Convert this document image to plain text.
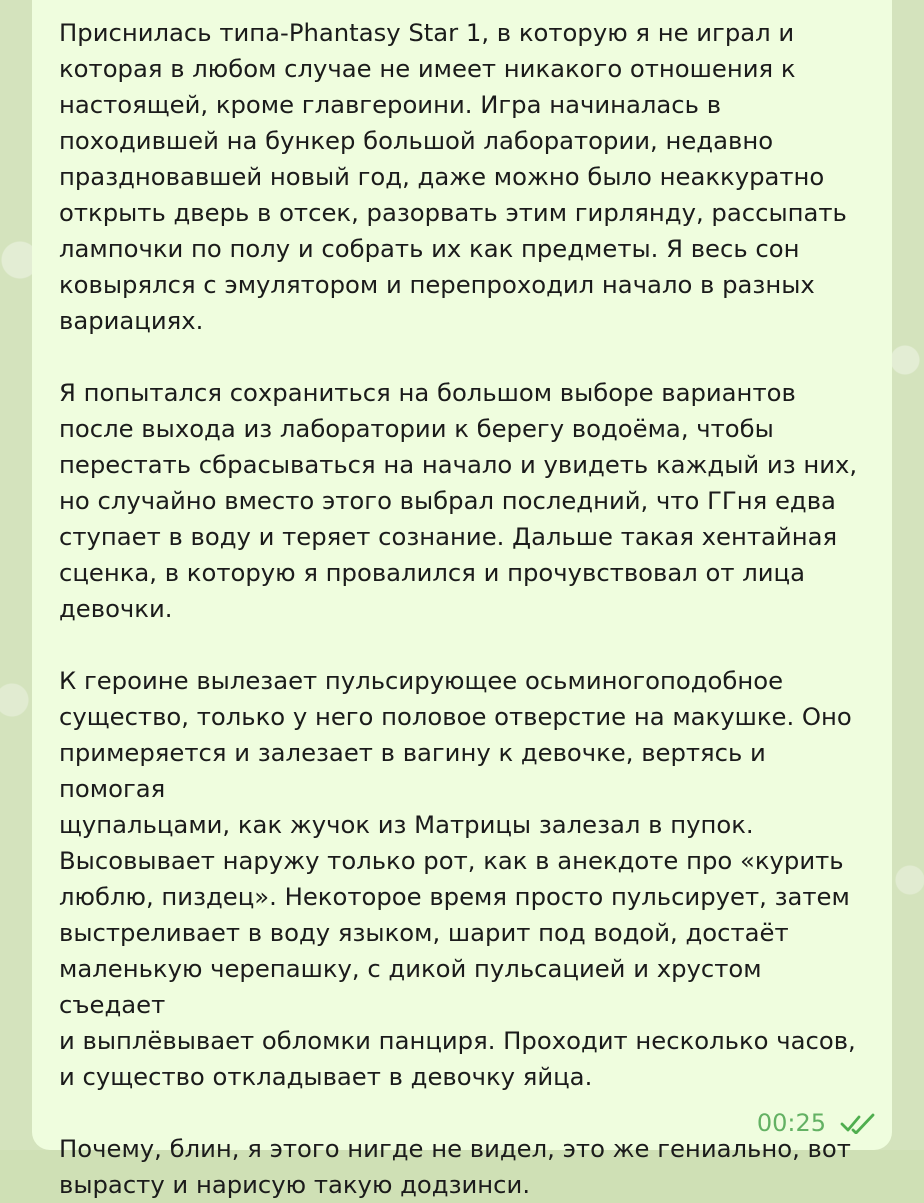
Приснилась типа-Phantasy Star 1, в которую я не играл и
которая в любом случае не имеет никакого отношения к
настоящей, кроме главгероини. Игра начиналась в
походившей на бункер большой лаборатории, недавно
праздновавшей новый год, даже можно было неаккуратно
открыть дверь в отсек, разорвать этим гирлянду, рассыпать
лампочки по полу и собрать их как предметы. Я весь сон
ковырялся с эмулятором и перепроходил начало в разных
вариациях.

Я попытался сохраниться на большом выборе вариантов
после выхода из лаборатории к берегу водоёма, чтобы
перестать сбрасываться на начало и увидеть каждый из них,
но случайно вместо этого выбрал последний, что ГГня едва
ступает в воду и теряет сознание. Дальше такая хентайная
сценка, в которую я провалился и прочувствовал от лица
девочки.

К героине вылезает пульсирующее осьминогоподобное
существо, только у него половое отверстие на макушке. Оно
примеряется и залезает в вагину к девочке, вертясь и помогая
щупальцами, как жучок из Матрицы залезал в пупок.
Высовывает наружу только рот, как в анекдоте про «курить
люблю, пиздец». Некоторое время просто пульсирует, затем
выстреливает в воду языком, шарит под водой, достаёт
маленькую черепашку, с дикой пульсацией и хрустом съедает
и выплёвывает обломки панциря. Проходит несколько часов,
и существо откладывает в девочку яйца.

Почему, блин, я этого нигде не видел, это же гениально, вот
вырасту и нарисую такую додзинси.

00:25
